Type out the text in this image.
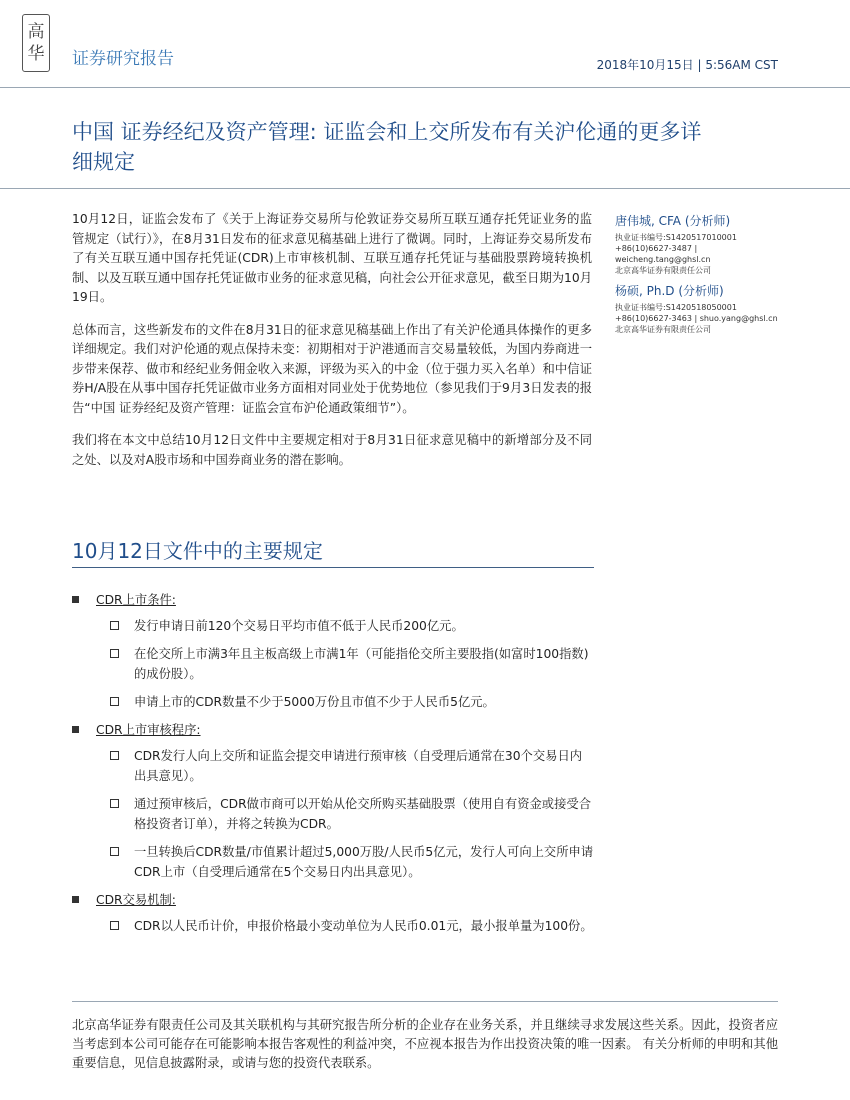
高
华 证券研究报告	2018年10月15日 | 5:56AM CST
中国 证券经纪及资产管理: 证监会和上交所发布有关沪伦通的更多详细规定

10月12日，证监会发布了《关于上海证券交易所与伦敦证券交易所互联互通存托凭证业务的监管规定（试行）》，在8月31日发布的征求意见稿基础上进行了微调。同时，上海证券交易所发布了有关互联互通中国存托凭证(CDR)上市审核机制、互联互通存托凭证与基础股票跨境转换机制、以及互联互通中国存托凭证做市业务的征求意见稿，向社会公开征求意见，截至日期为10月19日。

总体而言，这些新发布的文件在8月31日的征求意见稿基础上作出了有关沪伦通具体操作的更多详细规定。我们对沪伦通的观点保持未变：初期相对于沪港通而言交易量较低，为国内券商进一步带来保荐、做市和经纪业务佣金收入来源，评级为买入的中金（位于强力买入名单）和中信证券H/A股在从事中国存托凭证做市业务方面相对同业处于优势地位（参见我们于9月3日发表的报告“中国 证券经纪及资产管理：证监会宣布沪伦通政策细节”）。

我们将在本文中总结10月12日文件中主要规定相对于8月31日征求意见稿中的新增部分及不同之处、以及对A股市场和中国券商业务的潜在影响。

唐伟城, CFA (分析师)
执业证书编号:S1420517010001
+86(10)6627-3487 |
weicheng.tang@ghsl.cn
北京高华证券有限责任公司
杨硕, Ph.D (分析师)
执业证书编号:S1420518050001
+86(10)6627-3463 | shuo.yang@ghsl.cn
北京高华证券有限责任公司
10月12日文件中的主要规定
CDR上市条件:
发行申请日前120个交易日平均市值不低于人民币200亿元。
在伦交所上市满3年且主板高级上市满1年（可能指伦交所主要股指(如富时100指数)的成份股）。
申请上市的CDR数量不少于5000万份且市值不少于人民币5亿元。
CDR上市审核程序:
CDR发行人向上交所和证监会提交申请进行预审核（自受理后通常在30个交易日内出具意见）。
通过预审核后，CDR做市商可以开始从伦交所购买基础股票（使用自有资金或接受合格投资者订单），并将之转换为CDR。
一旦转换后CDR数量/市值累计超过5,000万股/人民币5亿元，发行人可向上交所申请CDR上市（自受理后通常在5个交易日内出具意见）。
CDR交易机制:
CDR以人民币计价，申报价格最小变动单位为人民币0.01元，最小报单量为100份。
北京高华证券有限责任公司及其关联机构与其研究报告所分析的企业存在业务关系，并且继续寻求发展这些关系。因此，投资者应当考虑到本公司可能存在可能影响本报告客观性的利益冲突，不应视本报告为作出投资决策的唯一因素。 有关分析师的申明和其他重要信息，见信息披露附录，或请与您的投资代表联系。
